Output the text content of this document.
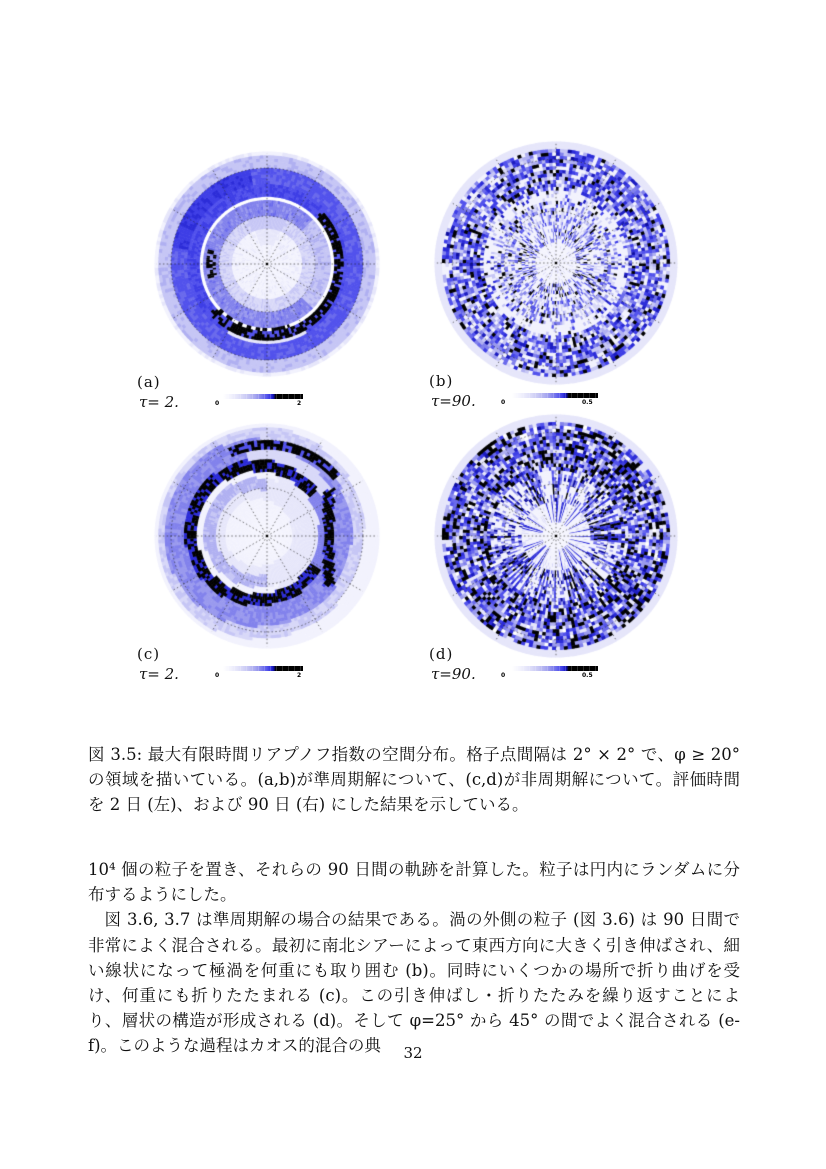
(a)
τ= 2.	0	2
(b)
τ=90.	0	0.5
(c)
τ= 2.	0	2
(d)
τ=90.	0	0.5
図 3.5: 最大有限時間リアプノフ指数の空間分布。格子点間隔は 2° × 2° で、φ ≥ 20° の領域を描いている。(a,b)が準周期解について、(c,d)が非周期解について。評価時間を 2 日 (左)、および 90 日 (右) にした結果を示している。

10⁴ 個の粒子を置き、それらの 90 日間の軌跡を計算した。粒子は円内にランダムに分布するようにした。

図 3.6, 3.7 は準周期解の場合の結果である。渦の外側の粒子 (図 3.6) は 90 日間で非常によく混合される。最初に南北シアーによって東西方向に大きく引き伸ばされ、細い線状になって極渦を何重にも取り囲む (b)。同時にいくつかの場所で折り曲げを受け、何重にも折りたたまれる (c)。この引き伸ばし・折りたたみを繰り返すことにより、層状の構造が形成される (d)。そして φ=25° から 45° の間でよく混合される (e-f)。このような過程はカオス的混合の典	32
